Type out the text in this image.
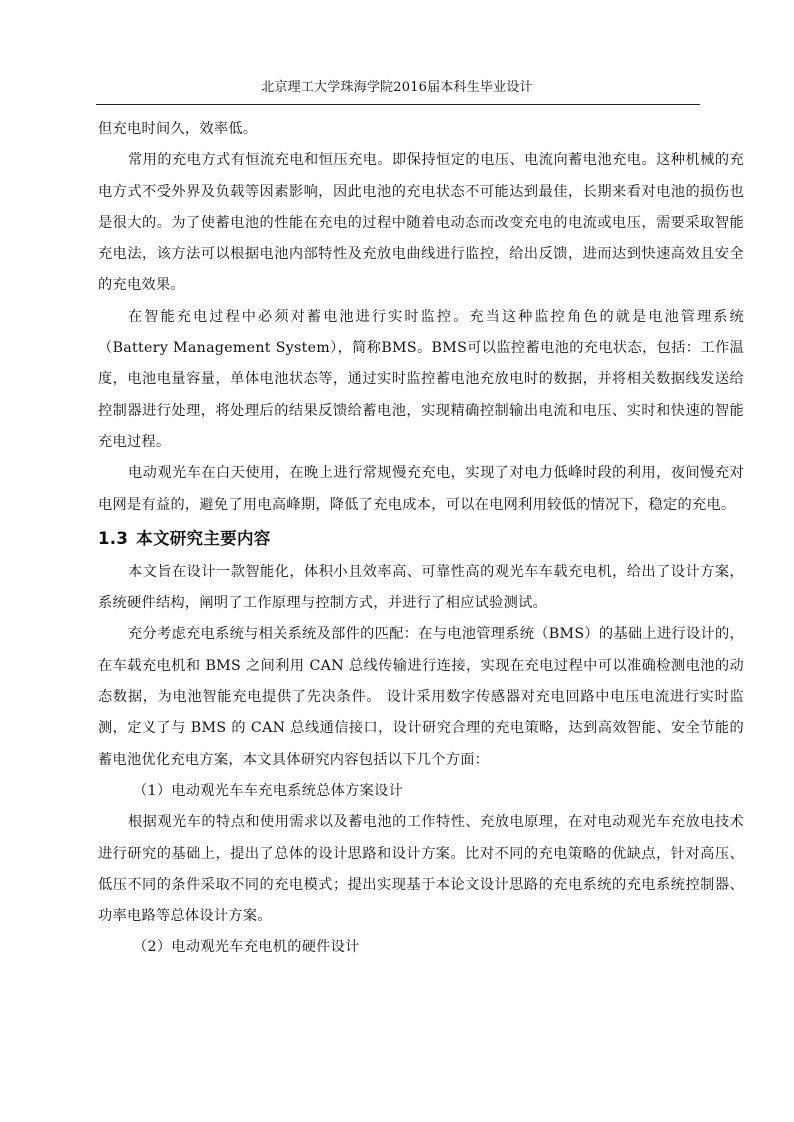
北京理工大学珠海学院2016届本科生毕业设计

但充电时间久，效率低。

常用的充电方式有恒流充电和恒压充电。即保持恒定的电压、电流向蓄电池充电。这种机械的充电方式不受外界及负载等因素影响，因此电池的充电状态不可能达到最佳，长期来看对电池的损伤也是很大的。为了使蓄电池的性能在充电的过程中随着电动态而改变充电的电流或电压，需要采取智能充电法，该方法可以根据电池内部特性及充放电曲线进行监控，给出反馈，进而达到快速高效且安全的充电效果。

在智能充电过程中必须对蓄电池进行实时监控。充当这种监控角色的就是电池管理系统（Battery Management System），简称BMS。BMS可以监控蓄电池的充电状态，包括：工作温度，电池电量容量，单体电池状态等，通过实时监控蓄电池充放电时的数据，并将相关数据线发送给控制器进行处理，将处理后的结果反馈给蓄电池，实现精确控制输出电流和电压、实时和快速的智能充电过程。

电动观光车在白天使用，在晚上进行常规慢充充电，实现了对电力低峰时段的利用，夜间慢充对电网是有益的，避免了用电高峰期，降低了充电成本，可以在电网利用较低的情况下，稳定的充电。

1.3 本文研究主要内容

本文旨在设计一款智能化，体积小且效率高、可靠性高的观光车车载充电机，给出了设计方案，系统硬件结构，阐明了工作原理与控制方式，并进行了相应试验测试。

充分考虑充电系统与相关系统及部件的匹配：在与电池管理系统（BMS）的基础上进行设计的，在车载充电机和 BMS 之间利用 CAN 总线传输进行连接，实现在充电过程中可以准确检测电池的动态数据，为电池智能充电提供了先决条件。 设计采用数字传感器对充电回路中电压电流进行实时监测，定义了与 BMS 的 CAN 总线通信接口，设计研究合理的充电策略，达到高效智能、安全节能的蓄电池优化充电方案，本文具体研究内容包括以下几个方面：

（1）电动观光车车充电系统总体方案设计

根据观光车的特点和使用需求以及蓄电池的工作特性、充放电原理，在对电动观光车充放电技术进行研究的基础上，提出了总体的设计思路和设计方案。比对不同的充电策略的优缺点，针对高压、低压不同的条件采取不同的充电模式；提出实现基于本论文设计思路的充电系统的充电系统控制器、功率电路等总体设计方案。

（2）电动观光车充电机的硬件设计
